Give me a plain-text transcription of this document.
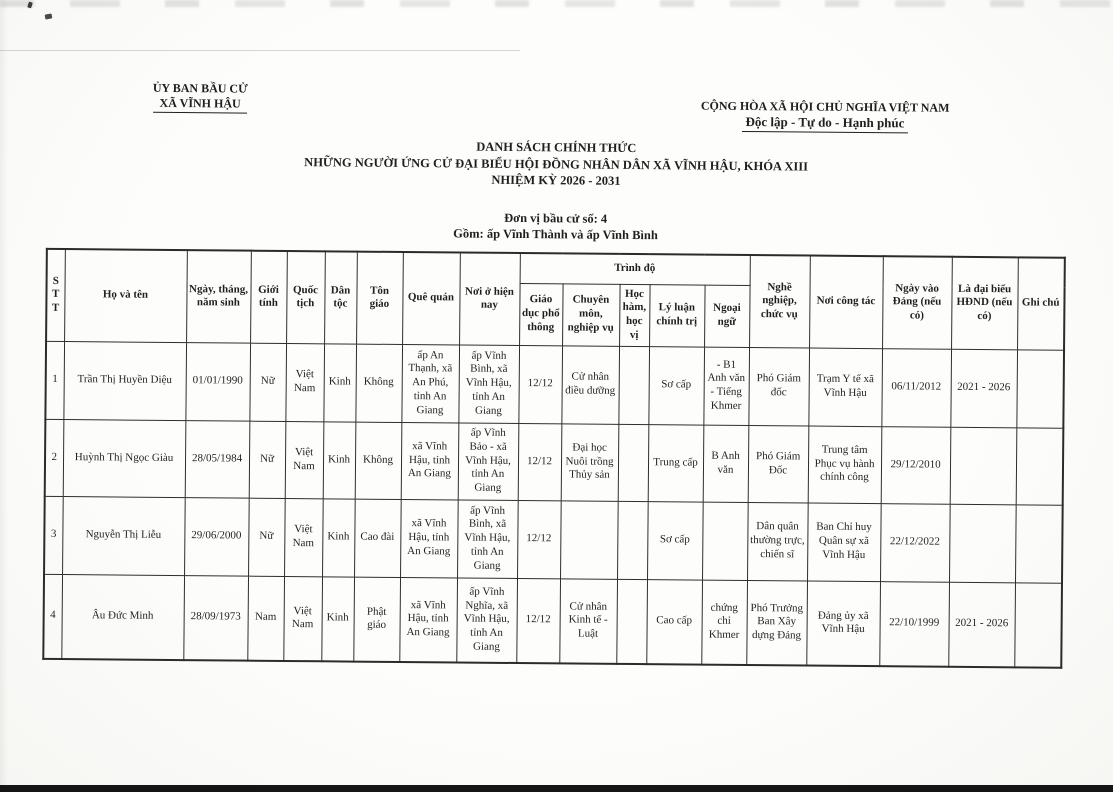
ỦY BAN BẦU CỬ
XÃ VĨNH HẬU	CỘNG HÒA XÃ HỘI CHỦ NGHĨA VIỆT NAM
Độc lập - Tự do - Hạnh phúc
DANH SÁCH CHÍNH THỨC
NHỮNG NGƯỜI ỨNG CỬ ĐẠI BIỂU HỘI ĐỒNG NHÂN DÂN XÃ VĨNH HẬU, KHÓA XIII
NHIỆM KỲ 2026 - 2031
Đơn vị bầu cử số: 4
Gồm: ấp Vĩnh Thành và ấp Vĩnh Bình
STT	Họ và tên	Ngày, tháng, năm sinh	Giới tính	Quốc tịch	Dân tộc	Tôn giáo	Quê quán	Nơi ở hiện nay	Trình độ					Nghề nghiệp, chức vụ	Nơi công tác	Ngày vào Đảng (nếu có)	Là đại biểu HĐND (nếu có)	Ghi chú
									Giáo dục phổ thông	Chuyên môn, nghiệp vụ	Học hàm, học vị	Lý luận chính trị	Ngoại ngữ					
1	Trần Thị Huyền Diệu	01/01/1990	Nữ	Việt Nam	Kinh	Không	ấp An Thạnh, xã An Phú, tỉnh An Giang	ấp Vĩnh Bình, xã Vĩnh Hậu, tỉnh An Giang	12/12	Cử nhân điều dưỡng		Sơ cấp	- B1 Anh văn - Tiếng Khmer	Phó Giám đốc	Trạm Y tế xã Vĩnh Hậu	06/11/2012	2021 - 2026	
2	Huỳnh Thị Ngọc Giàu	28/05/1984	Nữ	Việt Nam	Kinh	Không	xã Vĩnh Hậu, tỉnh An Giang	ấp Vĩnh Bảo - xã Vĩnh Hậu, tỉnh An Giang	12/12	Đại học Nuôi trồng Thủy sản		Trung cấp	B Anh văn	Phó Giám Đốc	Trung tâm Phục vụ hành chính công	29/12/2010		
3	Nguyễn Thị Liễu	29/06/2000	Nữ	Việt Nam	Kinh	Cao đài	xã Vĩnh Hậu, tỉnh An Giang	ấp Vĩnh Bình, xã Vĩnh Hậu, tỉnh An Giang	12/12			Sơ cấp		Dân quân thường trực, chiến sĩ	Ban Chỉ huy Quân sự xã Vĩnh Hậu	22/12/2022		
4	Âu Đức Minh	28/09/1973	Nam	Việt Nam	Kinh	Phật giáo	xã Vĩnh Hậu, tỉnh An Giang	ấp Vĩnh Nghĩa, xã Vĩnh Hậu, tỉnh An Giang	12/12	Cử nhân Kinh tế - Luật		Cao cấp	chứng chỉ Khmer	Phó Trưởng Ban Xây dựng Đảng	Đảng ủy xã Vĩnh Hậu	22/10/1999	2021 - 2026	
